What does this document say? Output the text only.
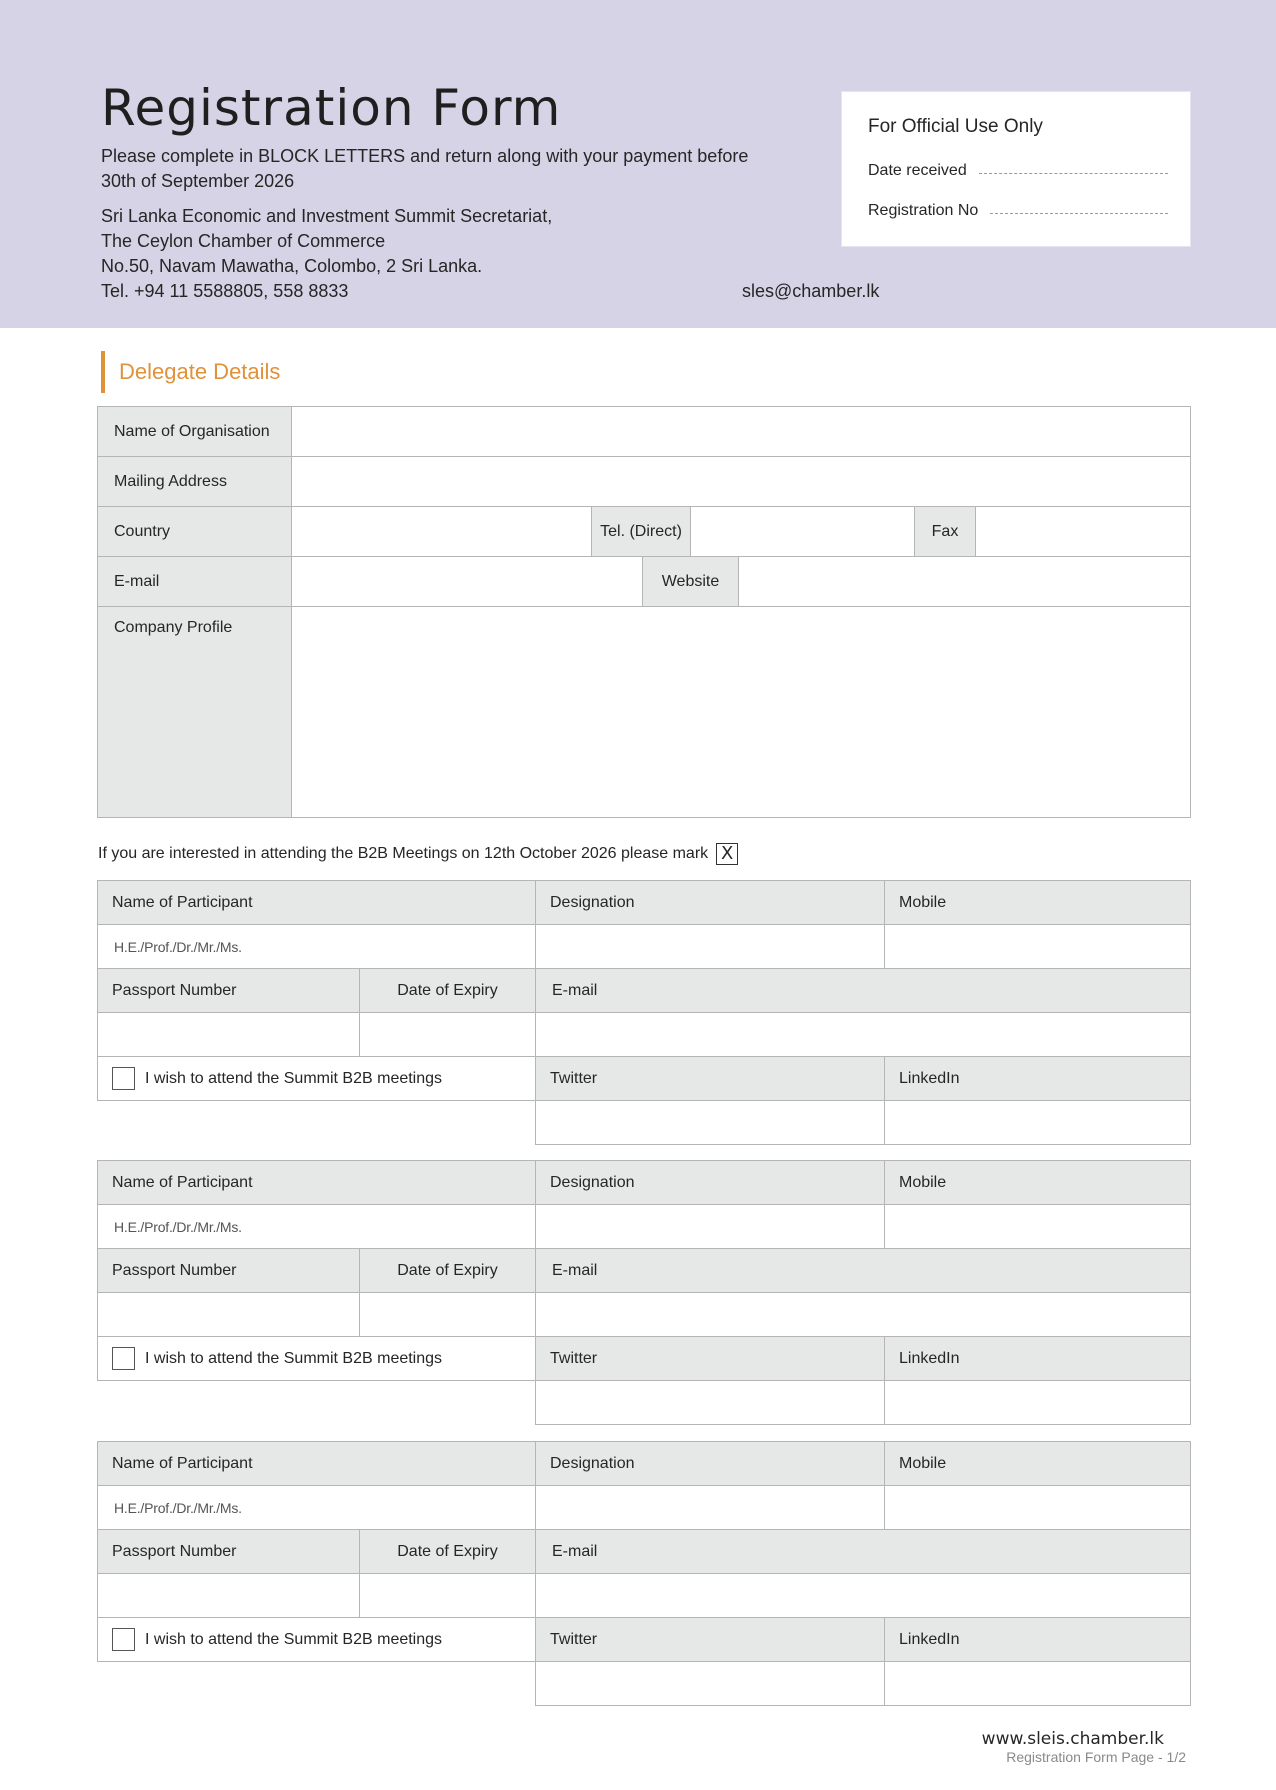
Registration Form
Please complete in BLOCK LETTERS and return along with your payment before
30th of September 2026
Sri Lanka Economic and Investment Summit Secretariat,
The Ceylon Chamber of Commerce
No.50, Navam Mawatha, Colombo, 2 Sri Lanka.
Tel. +94 11 5588805, 558 8833	sles@chamber.lk
For Official Use Only
Date received
Registration No
Delegate Details
Name of Organisation
Mailing Address
Country	Tel. (Direct)	Fax
E-mail	Website
Company Profile
If you are interested in attending the B2B Meetings on 12th October 2026 please mark X
Name of Participant	Designation	Mobile
H.E./Prof./Dr./Mr./Ms.
Passport Number	Date of Expiry	E-mail
I wish to attend the Summit B2B meetings	Twitter	LinkedIn
Name of Participant	Designation	Mobile
H.E./Prof./Dr./Mr./Ms.
Passport Number	Date of Expiry	E-mail
I wish to attend the Summit B2B meetings	Twitter	LinkedIn
Name of Participant	Designation	Mobile
H.E./Prof./Dr./Mr./Ms.
Passport Number	Date of Expiry	E-mail
I wish to attend the Summit B2B meetings	Twitter	LinkedIn
www.sleis.chamber.lk
Registration Form Page - 1/2
